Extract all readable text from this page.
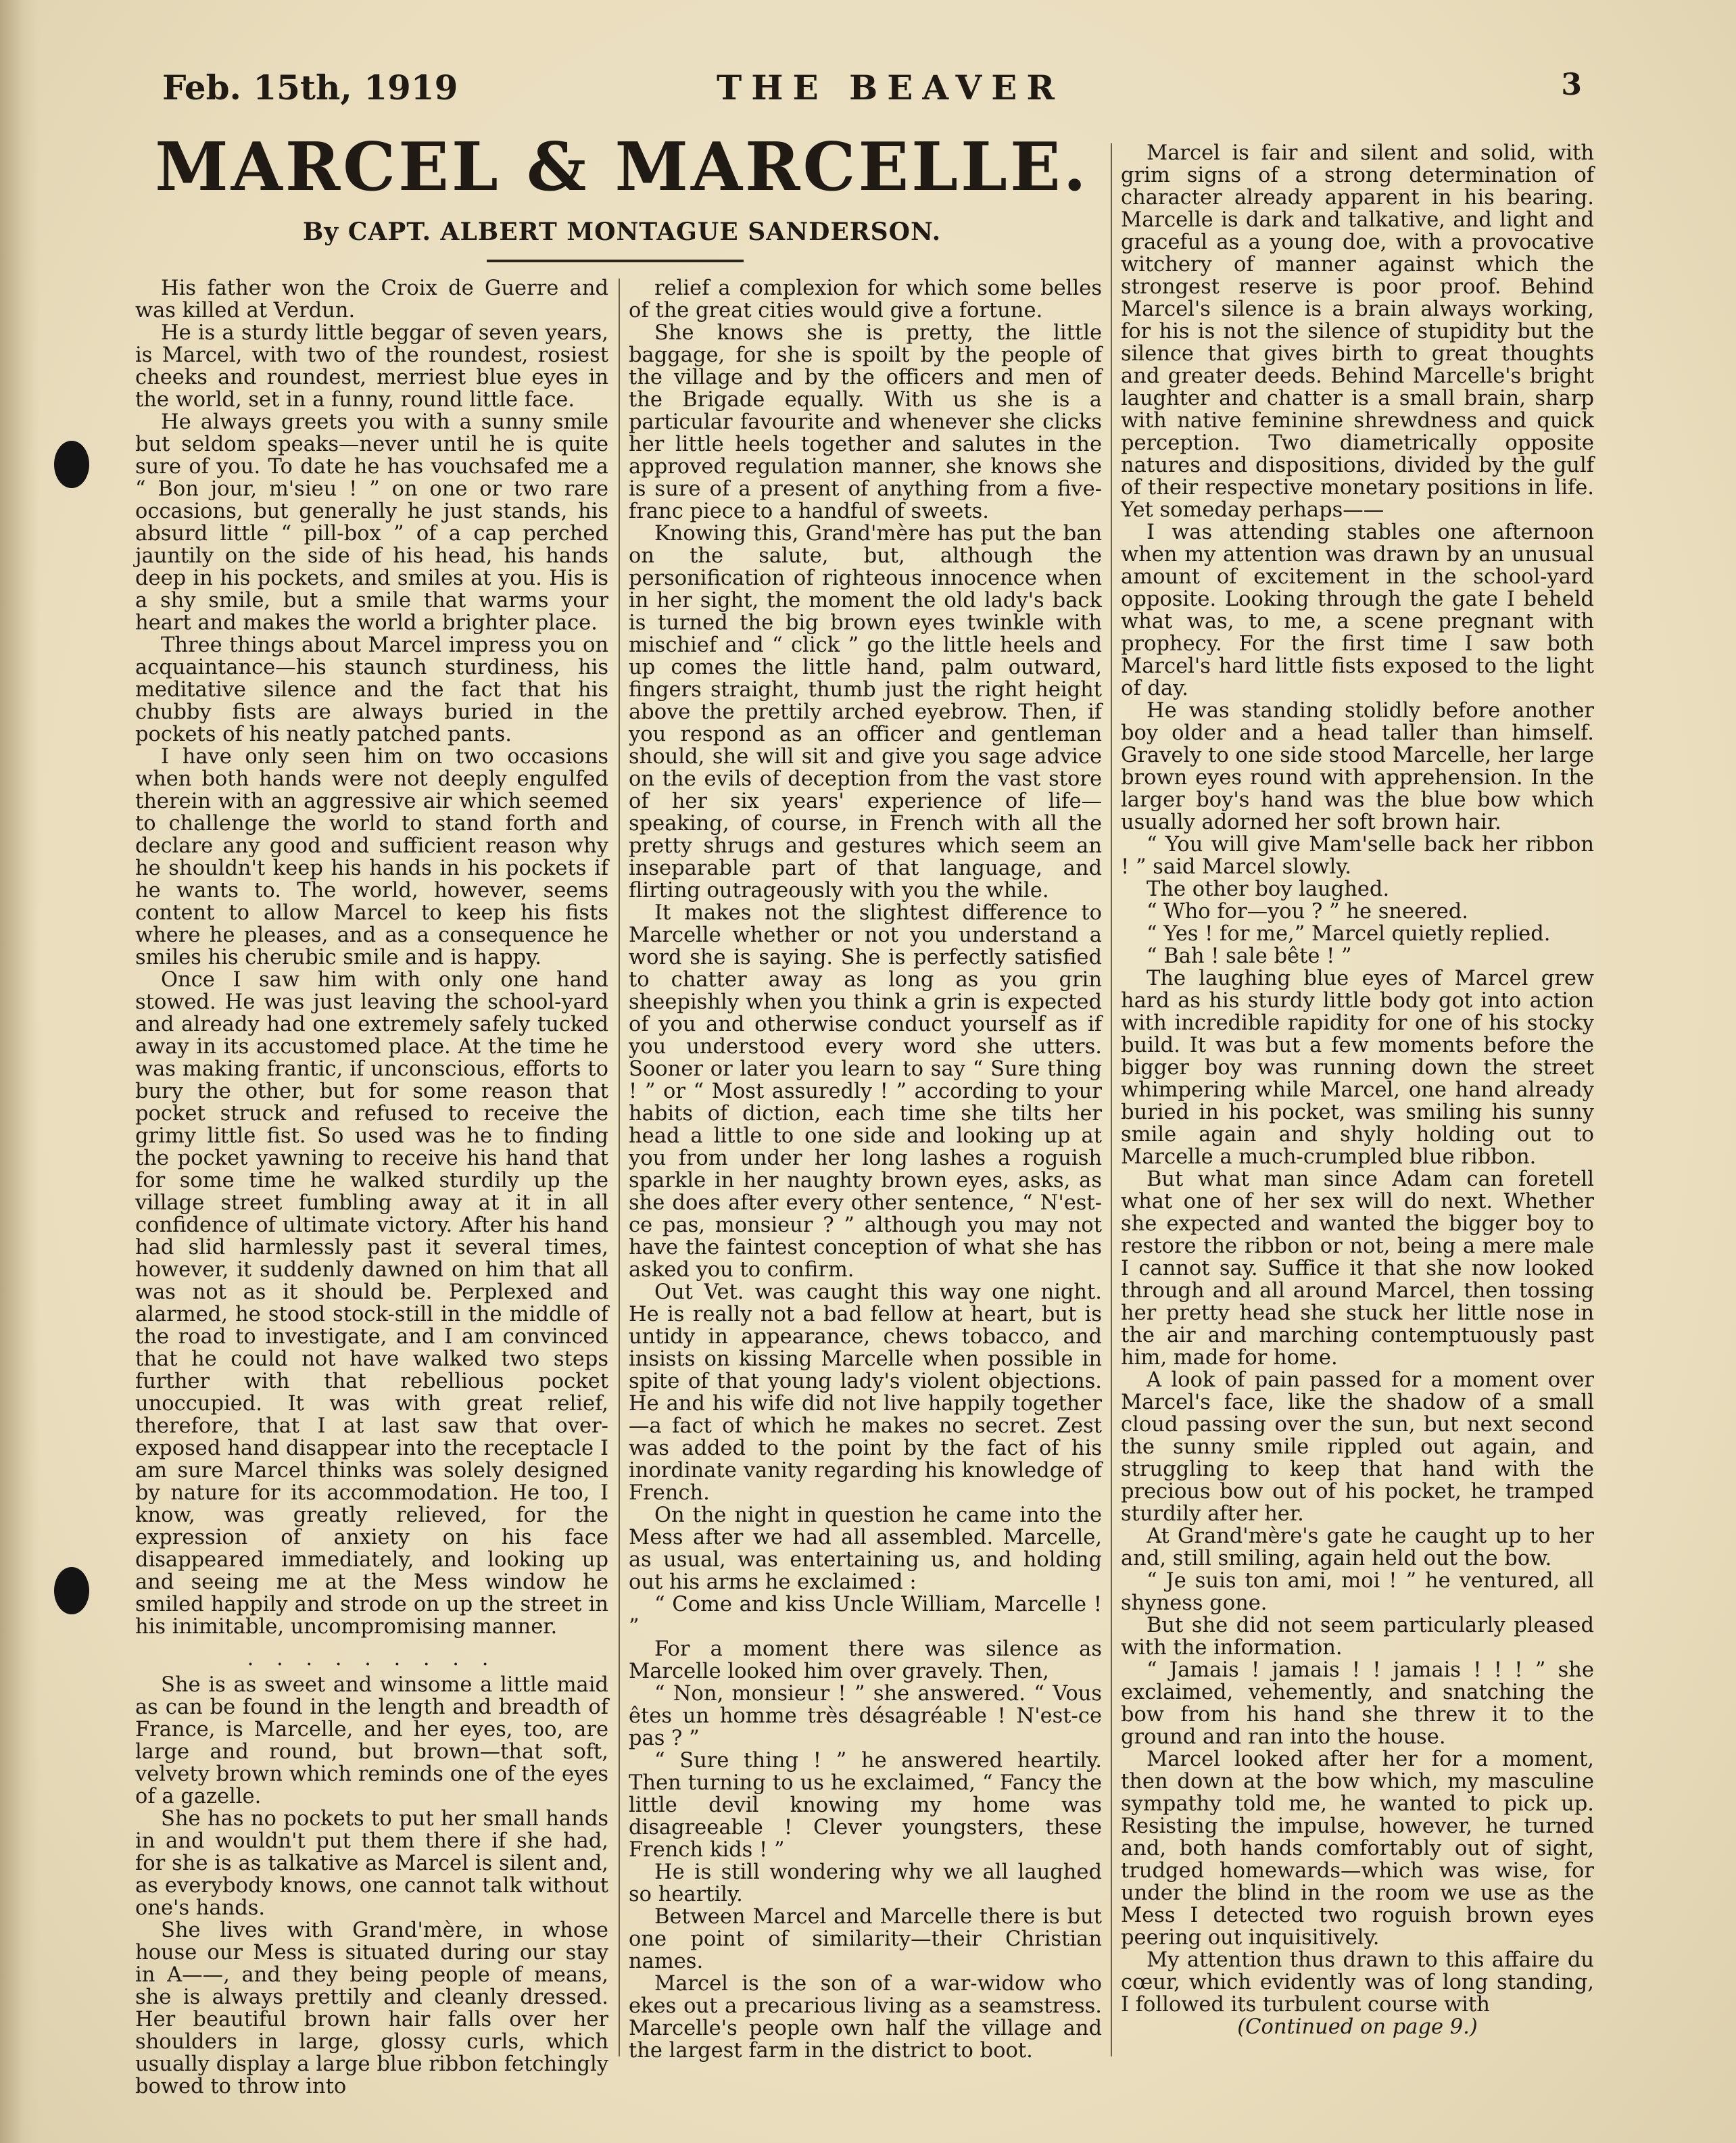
Feb. 15th, 1919	THE BEAVER	3
MARCEL & MARCELLE.
By CAPT. ALBERT MONTAGUE SANDERSON.

His father won the Croix de Guerre and was killed at Verdun.

He is a sturdy little beggar of seven years, is Marcel, with two of the roundest, rosiest cheeks and roundest, merriest blue eyes in the world, set in a funny, round little face.

He always greets you with a sunny smile but seldom speaks—never until he is quite sure of you. To date he has vouchsafed me a “ Bon jour, m'sieu ! ” on one or two rare occasions, but generally he just stands, his absurd little “ pill-box ” of a cap perched jauntily on the side of his head, his hands deep in his pockets, and smiles at you. His is a shy smile, but a smile that warms your heart and makes the world a brighter place.

Three things about Marcel impress you on acquaintance—his staunch sturdiness, his meditative silence and the fact that his chubby fists are always buried in the pockets of his neatly patched pants.

I have only seen him on two occasions when both hands were not deeply engulfed therein with an aggressive air which seemed to challenge the world to stand forth and declare any good and sufficient reason why he shouldn't keep his hands in his pockets if he wants to. The world, however, seems content to allow Marcel to keep his fists where he pleases, and as a consequence he smiles his cherubic smile and is happy.

Once I saw him with only one hand stowed. He was just leaving the school-yard and already had one extremely safely tucked away in its accustomed place. At the time he was making frantic, if unconscious, efforts to bury the other, but for some reason that pocket struck and refused to receive the grimy little fist. So used was he to finding the pocket yawning to receive his hand that for some time he walked sturdily up the village street fumbling away at it in all confidence of ultimate victory. After his hand had slid harmlessly past it several times, however, it suddenly dawned on him that all was not as it should be. Perplexed and alarmed, he stood stock-still in the middle of the road to investigate, and I am convinced that he could not have walked two steps further with that rebellious pocket unoccupied. It was with great relief, therefore, that I at last saw that over-exposed hand disappear into the receptacle I am sure Marcel thinks was solely designed by nature for its accommodation. He too, I know, was greatly relieved, for the expression of anxiety on his face disappeared immediately, and looking up and seeing me at the Mess window he smiled happily and strode on up the street in his inimitable, uncompromising manner.

. . . . . . . . .

She is as sweet and winsome a little maid as can be found in the length and breadth of France, is Marcelle, and her eyes, too, are large and round, but brown—that soft, velvety brown which reminds one of the eyes of a gazelle.

She has no pockets to put her small hands in and wouldn't put them there if she had, for she is as talkative as Marcel is silent and, as everybody knows, one cannot talk without one's hands.

She lives with Grand'mère, in whose house our Mess is situated during our stay in A——, and they being people of means, she is always prettily and cleanly dressed. Her beautiful brown hair falls over her shoulders in large, glossy curls, which usually display a large blue ribbon fetchingly bowed to throw into

relief a complexion for which some belles of the great cities would give a fortune.

She knows she is pretty, the little baggage, for she is spoilt by the people of the village and by the officers and men of the Brigade equally. With us she is a particular favourite and whenever she clicks her little heels together and salutes in the approved regulation manner, she knows she is sure of a present of anything from a five-franc piece to a handful of sweets.

Knowing this, Grand'mère has put the ban on the salute, but, although the personification of righteous innocence when in her sight, the moment the old lady's back is turned the big brown eyes twinkle with mischief and “ click ” go the little heels and up comes the little hand, palm outward, fingers straight, thumb just the right height above the prettily arched eyebrow. Then, if you respond as an officer and gentleman should, she will sit and give you sage advice on the evils of deception from the vast store of her six years' experience of life—speaking, of course, in French with all the pretty shrugs and gestures which seem an inseparable part of that language, and flirting outrageously with you the while.

It makes not the slightest difference to Marcelle whether or not you understand a word she is saying. She is perfectly satisfied to chatter away as long as you grin sheepishly when you think a grin is expected of you and otherwise conduct yourself as if you understood every word she utters. Sooner or later you learn to say “ Sure thing ! ” or “ Most assuredly ! ” according to your habits of diction, each time she tilts her head a little to one side and looking up at you from under her long lashes a roguish sparkle in her naughty brown eyes, asks, as she does after every other sentence, “ N'est-ce pas, monsieur ? ” although you may not have the faintest conception of what she has asked you to confirm.

Out Vet. was caught this way one night. He is really not a bad fellow at heart, but is untidy in appearance, chews tobacco, and insists on kissing Marcelle when possible in spite of that young lady's violent objections. He and his wife did not live happily together—a fact of which he makes no secret. Zest was added to the point by the fact of his inordinate vanity regarding his knowledge of French.

On the night in question he came into the Mess after we had all assembled. Marcelle, as usual, was entertaining us, and holding out his arms he exclaimed :

“ Come and kiss Uncle William, Marcelle ! ”

For a moment there was silence as Marcelle looked him over gravely. Then,

“ Non, monsieur ! ” she answered. “ Vous êtes un homme très désagréable ! N'est-ce pas ? ”

“ Sure thing ! ” he answered heartily. Then turning to us he exclaimed, “ Fancy the little devil knowing my home was disagreeable ! Clever youngsters, these French kids ! ”

He is still wondering why we all laughed so heartily.

Between Marcel and Marcelle there is but one point of similarity—their Christian names.

Marcel is the son of a war-widow who ekes out a precarious living as a seamstress. Marcelle's people own half the village and the largest farm in the district to boot.

Marcel is fair and silent and solid, with grim signs of a strong determination of character already apparent in his bearing. Marcelle is dark and talkative, and light and graceful as a young doe, with a provocative witchery of manner against which the strongest reserve is poor proof. Behind Marcel's silence is a brain always working, for his is not the silence of stupidity but the silence that gives birth to great thoughts and greater deeds. Behind Marcelle's bright laughter and chatter is a small brain, sharp with native feminine shrewdness and quick perception. Two diametrically opposite natures and dispositions, divided by the gulf of their respective monetary positions in life. Yet someday perhaps——

I was attending stables one afternoon when my attention was drawn by an unusual amount of excitement in the school-yard opposite. Looking through the gate I beheld what was, to me, a scene pregnant with prophecy. For the first time I saw both Marcel's hard little fists exposed to the light of day.

He was standing stolidly before another boy older and a head taller than himself. Gravely to one side stood Marcelle, her large brown eyes round with apprehension. In the larger boy's hand was the blue bow which usually adorned her soft brown hair.

“ You will give Mam'selle back her ribbon ! ” said Marcel slowly.

The other boy laughed.

“ Who for—you ? ” he sneered.

“ Yes ! for me,” Marcel quietly replied.

“ Bah ! sale bête ! ”

The laughing blue eyes of Marcel grew hard as his sturdy little body got into action with incredible rapidity for one of his stocky build. It was but a few moments before the bigger boy was running down the street whimpering while Marcel, one hand already buried in his pocket, was smiling his sunny smile again and shyly holding out to Marcelle a much-crumpled blue ribbon.

But what man since Adam can foretell what one of her sex will do next. Whether she expected and wanted the bigger boy to restore the ribbon or not, being a mere male I cannot say. Suffice it that she now looked through and all around Marcel, then tossing her pretty head she stuck her little nose in the air and marching contemptuously past him, made for home.

A look of pain passed for a moment over Marcel's face, like the shadow of a small cloud passing over the sun, but next second the sunny smile rippled out again, and struggling to keep that hand with the precious bow out of his pocket, he tramped sturdily after her.

At Grand'mère's gate he caught up to her and, still smiling, again held out the bow.

“ Je suis ton ami, moi ! ” he ventured, all shyness gone.

But she did not seem particularly pleased with the information.

“ Jamais ! jamais ! ! jamais ! ! ! ” she exclaimed, vehemently, and snatching the bow from his hand she threw it to the ground and ran into the house.

Marcel looked after her for a moment, then down at the bow which, my masculine sympathy told me, he wanted to pick up. Resisting the impulse, however, he turned and, both hands comfortably out of sight, trudged homewards—which was wise, for under the blind in the room we use as the Mess I detected two roguish brown eyes peering out inquisitively.

My attention thus drawn to this affaire du cœur, which evidently was of long standing, I followed its turbulent course with

(Continued on page 9.)
